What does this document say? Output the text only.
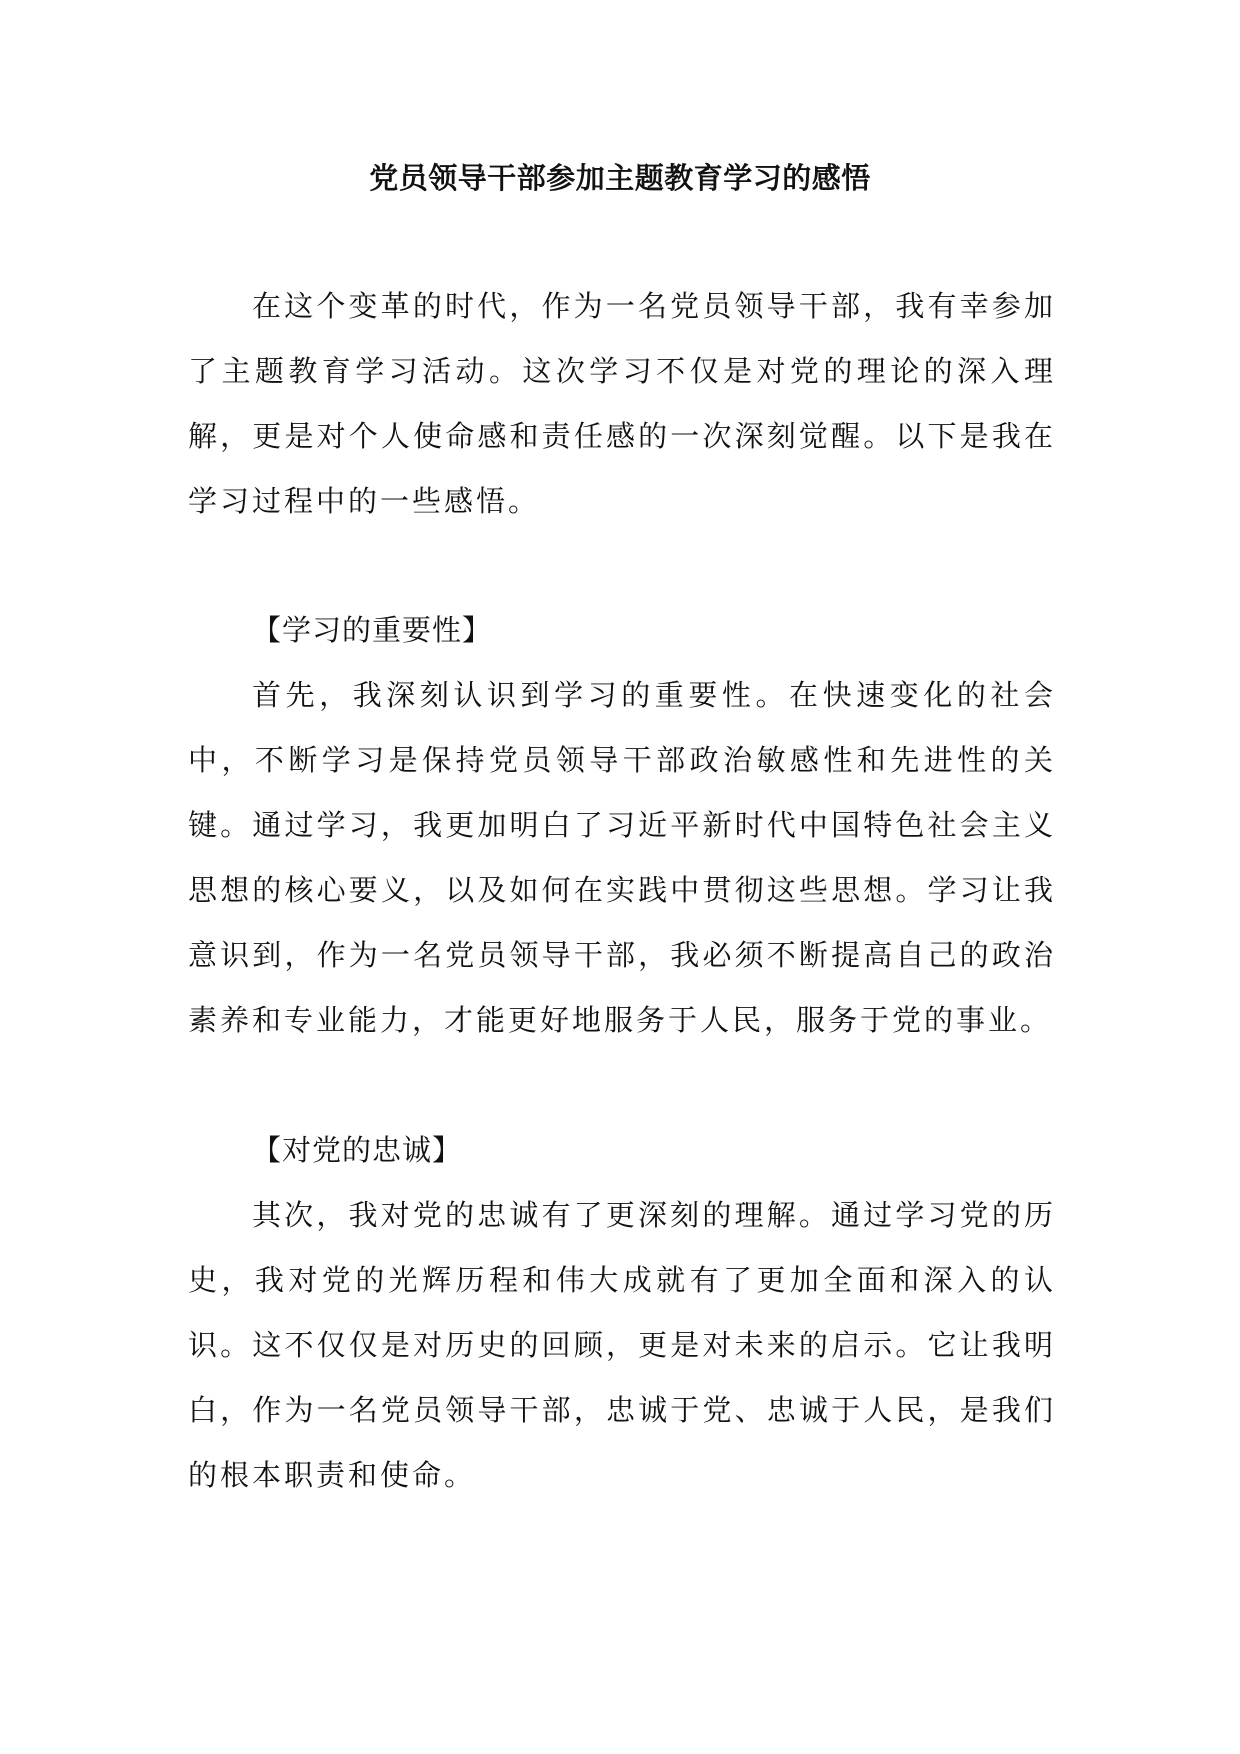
党员领导干部参加主题教育学习的感悟

在这个变革的时代，作为一名党员领导干部，我有幸参加了主题教育学习活动。这次学习不仅是对党的理论的深入理解，更是对个人使命感和责任感的一次深刻觉醒。以下是我在学习过程中的一些感悟。

【学习的重要性】

首先，我深刻认识到学习的重要性。在快速变化的社会中，不断学习是保持党员领导干部政治敏感性和先进性的关键。通过学习，我更加明白了习近平新时代中国特色社会主义思想的核心要义，以及如何在实践中贯彻这些思想。学习让我意识到，作为一名党员领导干部，我必须不断提高自己的政治素养和专业能力，才能更好地服务于人民，服务于党的事业。

【对党的忠诚】

其次，我对党的忠诚有了更深刻的理解。通过学习党的历史，我对党的光辉历程和伟大成就有了更加全面和深入的认识。这不仅仅是对历史的回顾，更是对未来的启示。它让我明白，作为一名党员领导干部，忠诚于党、忠诚于人民，是我们的根本职责和使命。
